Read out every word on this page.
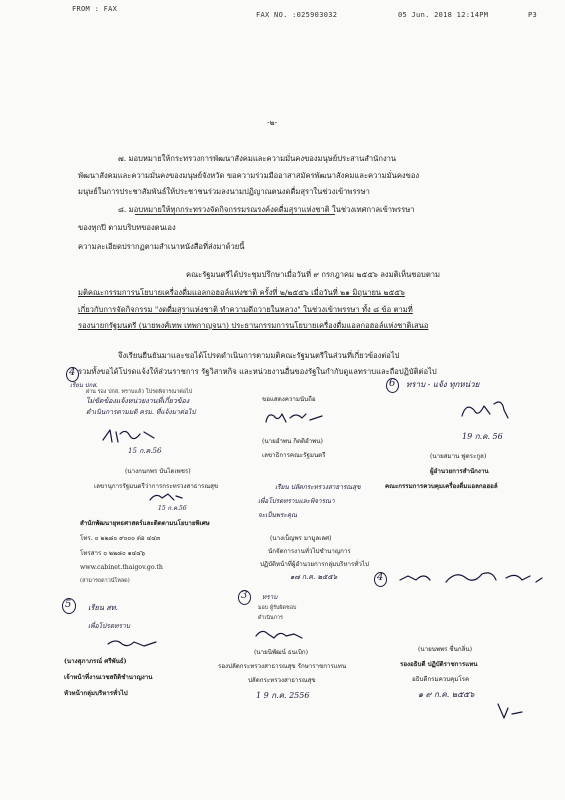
FROM : FAX
FAX NO. :025903032	05 Jun. 2018 12:14PM	P3
-๒-
๗. มอบหมายให้กระทรวงการพัฒนาสังคมและความมั่นคงของมนุษย์ประสานสำนักงาน
พัฒนาสังคมและความมั่นคงของมนุษย์จังหวัด ขอความร่วมมืออาสาสมัครพัฒนาสังคมและความมั่นคงของ
มนุษย์ในการประชาสัมพันธ์ให้ประชาชนร่วมลงนามปฏิญาณตนงดดื่มสุราในช่วงเข้าพรรษา
๘. มอบหมายให้ทุกกระทรวงจัดกิจกรรมรณรงค์งดดื่มสุราแห่งชาติ ในช่วงเทศกาลเข้าพรรษา
ของทุกปี ตามบริบทของตนเอง
ความละเอียดปรากฏตามสำเนาหนังสือที่ส่งมาด้วยนี้
คณะรัฐมนตรีได้ประชุมปรึกษาเมื่อวันที่ ๙ กรกฎาคม ๒๕๕๖ ลงมติเห็นชอบตาม
มติคณะกรรมการนโยบายเครื่องดื่มแอลกอฮอล์แห่งชาติ ครั้งที่ ๒/๒๕๕๖ เมื่อวันที่ ๒๑ มิถุนายน ๒๕๕๖
เกี่ยวกับการจัดกิจกรรม "งดดื่มสุราแห่งชาติ ทำความดีถวายในหลวง" ในช่วงเข้าพรรษา ทั้ง ๘ ข้อ ตามที่
รองนายกรัฐมนตรี (นายพงศ์เทพ เทพกาญจนา) ประธานกรรมการนโยบายเครื่องดื่มแอลกอฮอล์แห่งชาติเสนอ
จึงเรียนยืนยันมาและขอได้โปรดดำเนินการตามมติคณะรัฐมนตรีในส่วนที่เกี่ยวข้องต่อไป
รวมทั้งขอได้โปรดแจ้งให้ส่วนราชการ รัฐวิสาหกิจ และหน่วยงานอื่นของรัฐในกำกับดูแลทราบและถือปฏิบัติต่อไป
4
เรียน ปกส.
ผ่าน รอง ปกส. ทราบแล้ว โปรดพิจารณาต่อไป
ไม่ขัดข้องแจ้งหน่วยงานที่เกี่ยวข้อง
ดำเนินการตามมติ ครม. ที่แจ้งมาต่อไป
15 ก.ค.56
(นางกนกพร บันไดเพชร)
เลขานุการรัฐมนตรีว่าการกระทรวงสาธารณสุข
15 ก.ค.56
สำนักพัฒนายุทธศาสตร์และติดตามนโยบายพิเศษ
โทร. ๐ ๒๒๘๐ ๙๐๐๐ ต่อ ๔๔๓
โทรสาร ๐ ๒๒๘๐ ๑๔๔๖
www.cabinet.thaigov.go.th
(สามารถดาวน์โหลด)
ขอแสดงความนับถือ
(นายอำพน กิตติอำพน)
เลขาธิการคณะรัฐมนตรี
เรียน ปลัดกระทรวงสาธารณสุข
เพื่อโปรดทราบและพิจารณา
จะเป็นพระคุณ
(นางเบ็ญพร มามูลเลศ)
นักจัดการงานทั่วไปชำนาญการ
ปฏิบัติหน้าที่ผู้อำนวยการกลุ่มบริหารทั่วไป
๑๗ ก.ค. ๒๕๕๖
3 ทราบ
มอบ ผู้รับผิดชอบ
ดำเนินการ
(นายนิพัฒน์ ธนเบิก)
รองปลัดกระทรวงสาธารณสุข รักษาราชการแทน
ปลัดกระทรวงสาธารณสุข
1 9 ก.ค. 2556
6 ทราบ - แจ้ง ทุกหน่วย
19 ก.ค. 56
(นายสมาน ฟูตระกูล)
ผู้อำนวยการสำนักงาน
คณะกรรมการควบคุมเครื่องดื่มแอลกอฮอล์
4
(นายนพพร ชื่นกลิ่น)
รองอธิบดี ปฏิบัติราชการแทน
อธิบดีกรมควบคุมโรค
๑ ๙ ก.ค. ๒๕๕๖
5 เรียน สท.
เพื่อโปรดทราบ
(นางสุภาภรณ์ ศรีพันธ์)
เจ้าหน้าที่งานเวชสถิติชำนาญงาน
หัวหน้ากลุ่มบริหารทั่วไป
